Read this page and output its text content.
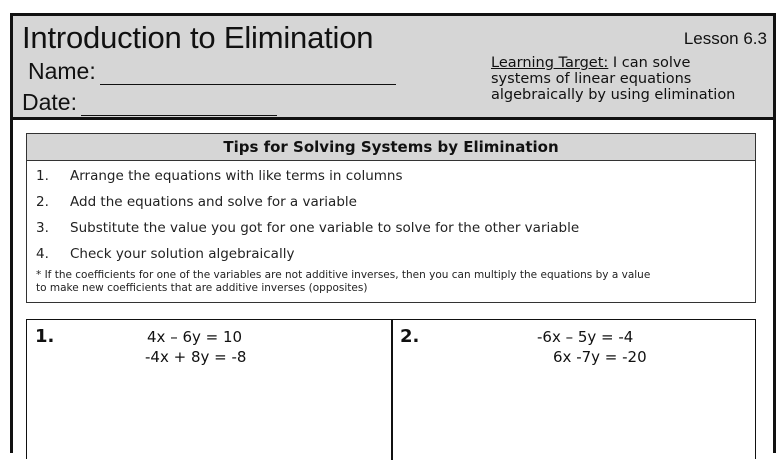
Introduction to Elimination	Lesson 6.3
Name:
Date:
Learning Target: I can solve
systems of linear equations
algebraically by using elimination
Tips for Solving Systems by Elimination
1. Arrange the equations with like terms in columns
2. Add the equations and solve for a variable
3. Substitute the value you got for one variable to solve for the other variable
4. Check your solution algebraically
* If the coefficients for one of the variables are not additive inverses, then you can multiply the equations by a value
to make new coefficients that are additive inverses (opposites)
1.	4x – 6y = 10
-4x + 8y = -8
2.	-6x – 5y = -4
6x -7y = -20
